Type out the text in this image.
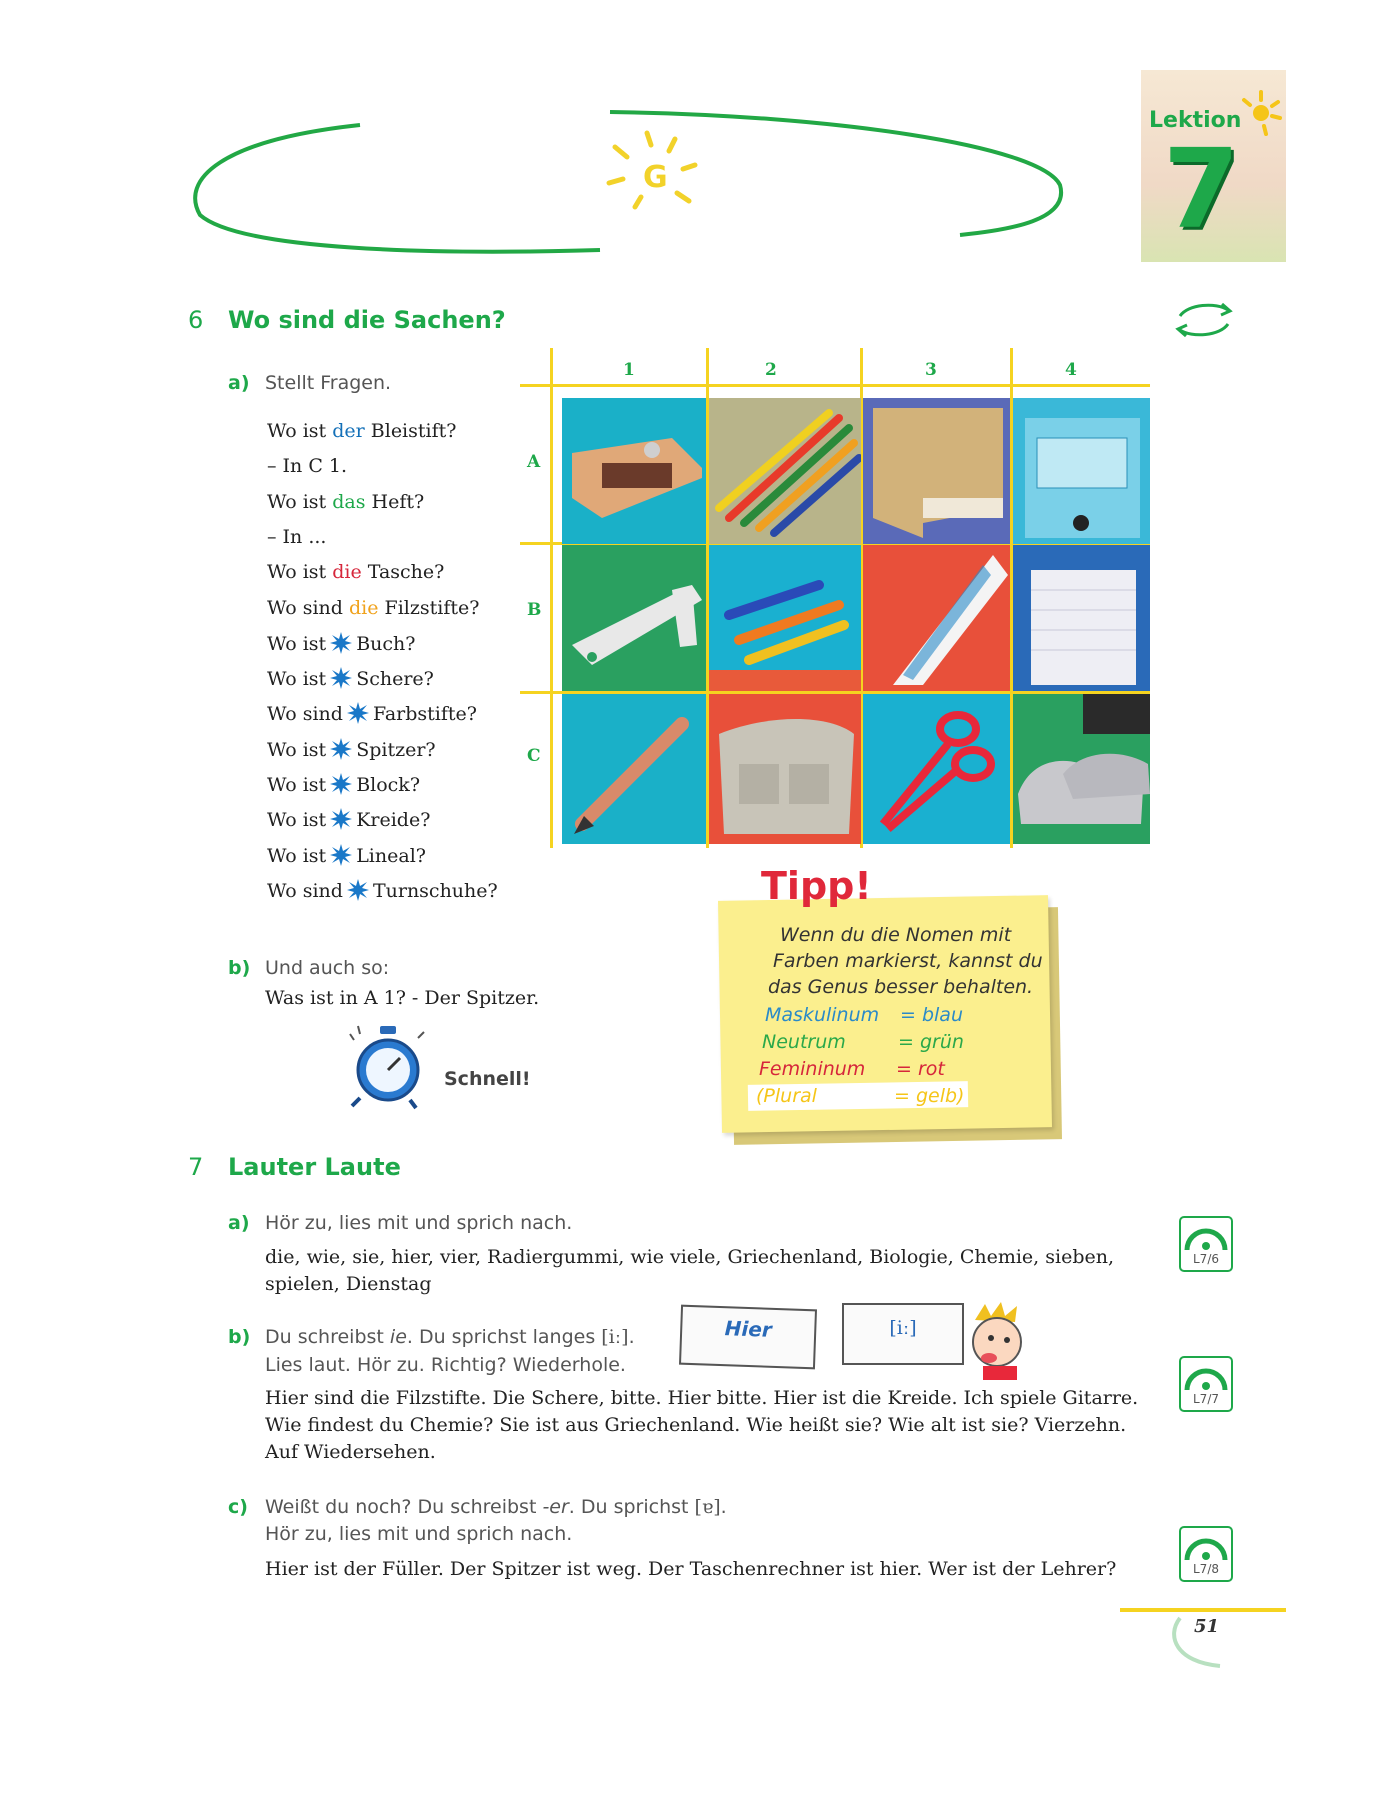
G
Lektion
7
6 Wo sind die Sachen?
a) Stellt Fragen.
Wo ist der Bleistift?
– In C 1.
Wo ist das Heft?
– In ...
Wo ist die Tasche?
Wo sind die Filzstifte?
Wo ist Buch?
Wo ist Schere?
Wo sind Farbstifte?
Wo ist Spitzer?
Wo ist Block?
Wo ist Kreide?
Wo ist Lineal?
Wo sind Turnschuhe?
b) Und auch so:
Was ist in A 1? - Der Spitzer.
Schnell!
1	2	3	4
A
B
C
Tipp!
Wenn du die Nomen mit
Farben markierst, kannst du
das Genus besser behalten.
Maskulinum = blau
Neutrum	= grün
Femininum = rot
(Plural	= gelb)
7 Lauter Laute
a) Hör zu, lies mit und sprich nach.
die, wie, sie, hier, vier, Radiergummi, wie viele, Griechenland, Biologie, Chemie, sieben,
spielen, Dienstag
b) Du schreibst ie. Du sprichst langes [iː].
Lies laut. Hör zu. Richtig? Wiederhole.
Hier	[iː]
Hier sind die Filzstifte. Die Schere, bitte. Hier bitte. Hier ist die Kreide. Ich spiele Gitarre.
Wie findest du Chemie? Sie ist aus Griechenland. Wie heißt sie? Wie alt ist sie? Vierzehn.
Auf Wiedersehen.
c) Weißt du noch? Du schreibst -er. Du sprichst [ɐ].
Hör zu, lies mit und sprich nach.
Hier ist der Füller. Der Spitzer ist weg. Der Taschenrechner ist hier. Wer ist der Lehrer?
L7/6
L7/7
L7/8
51
